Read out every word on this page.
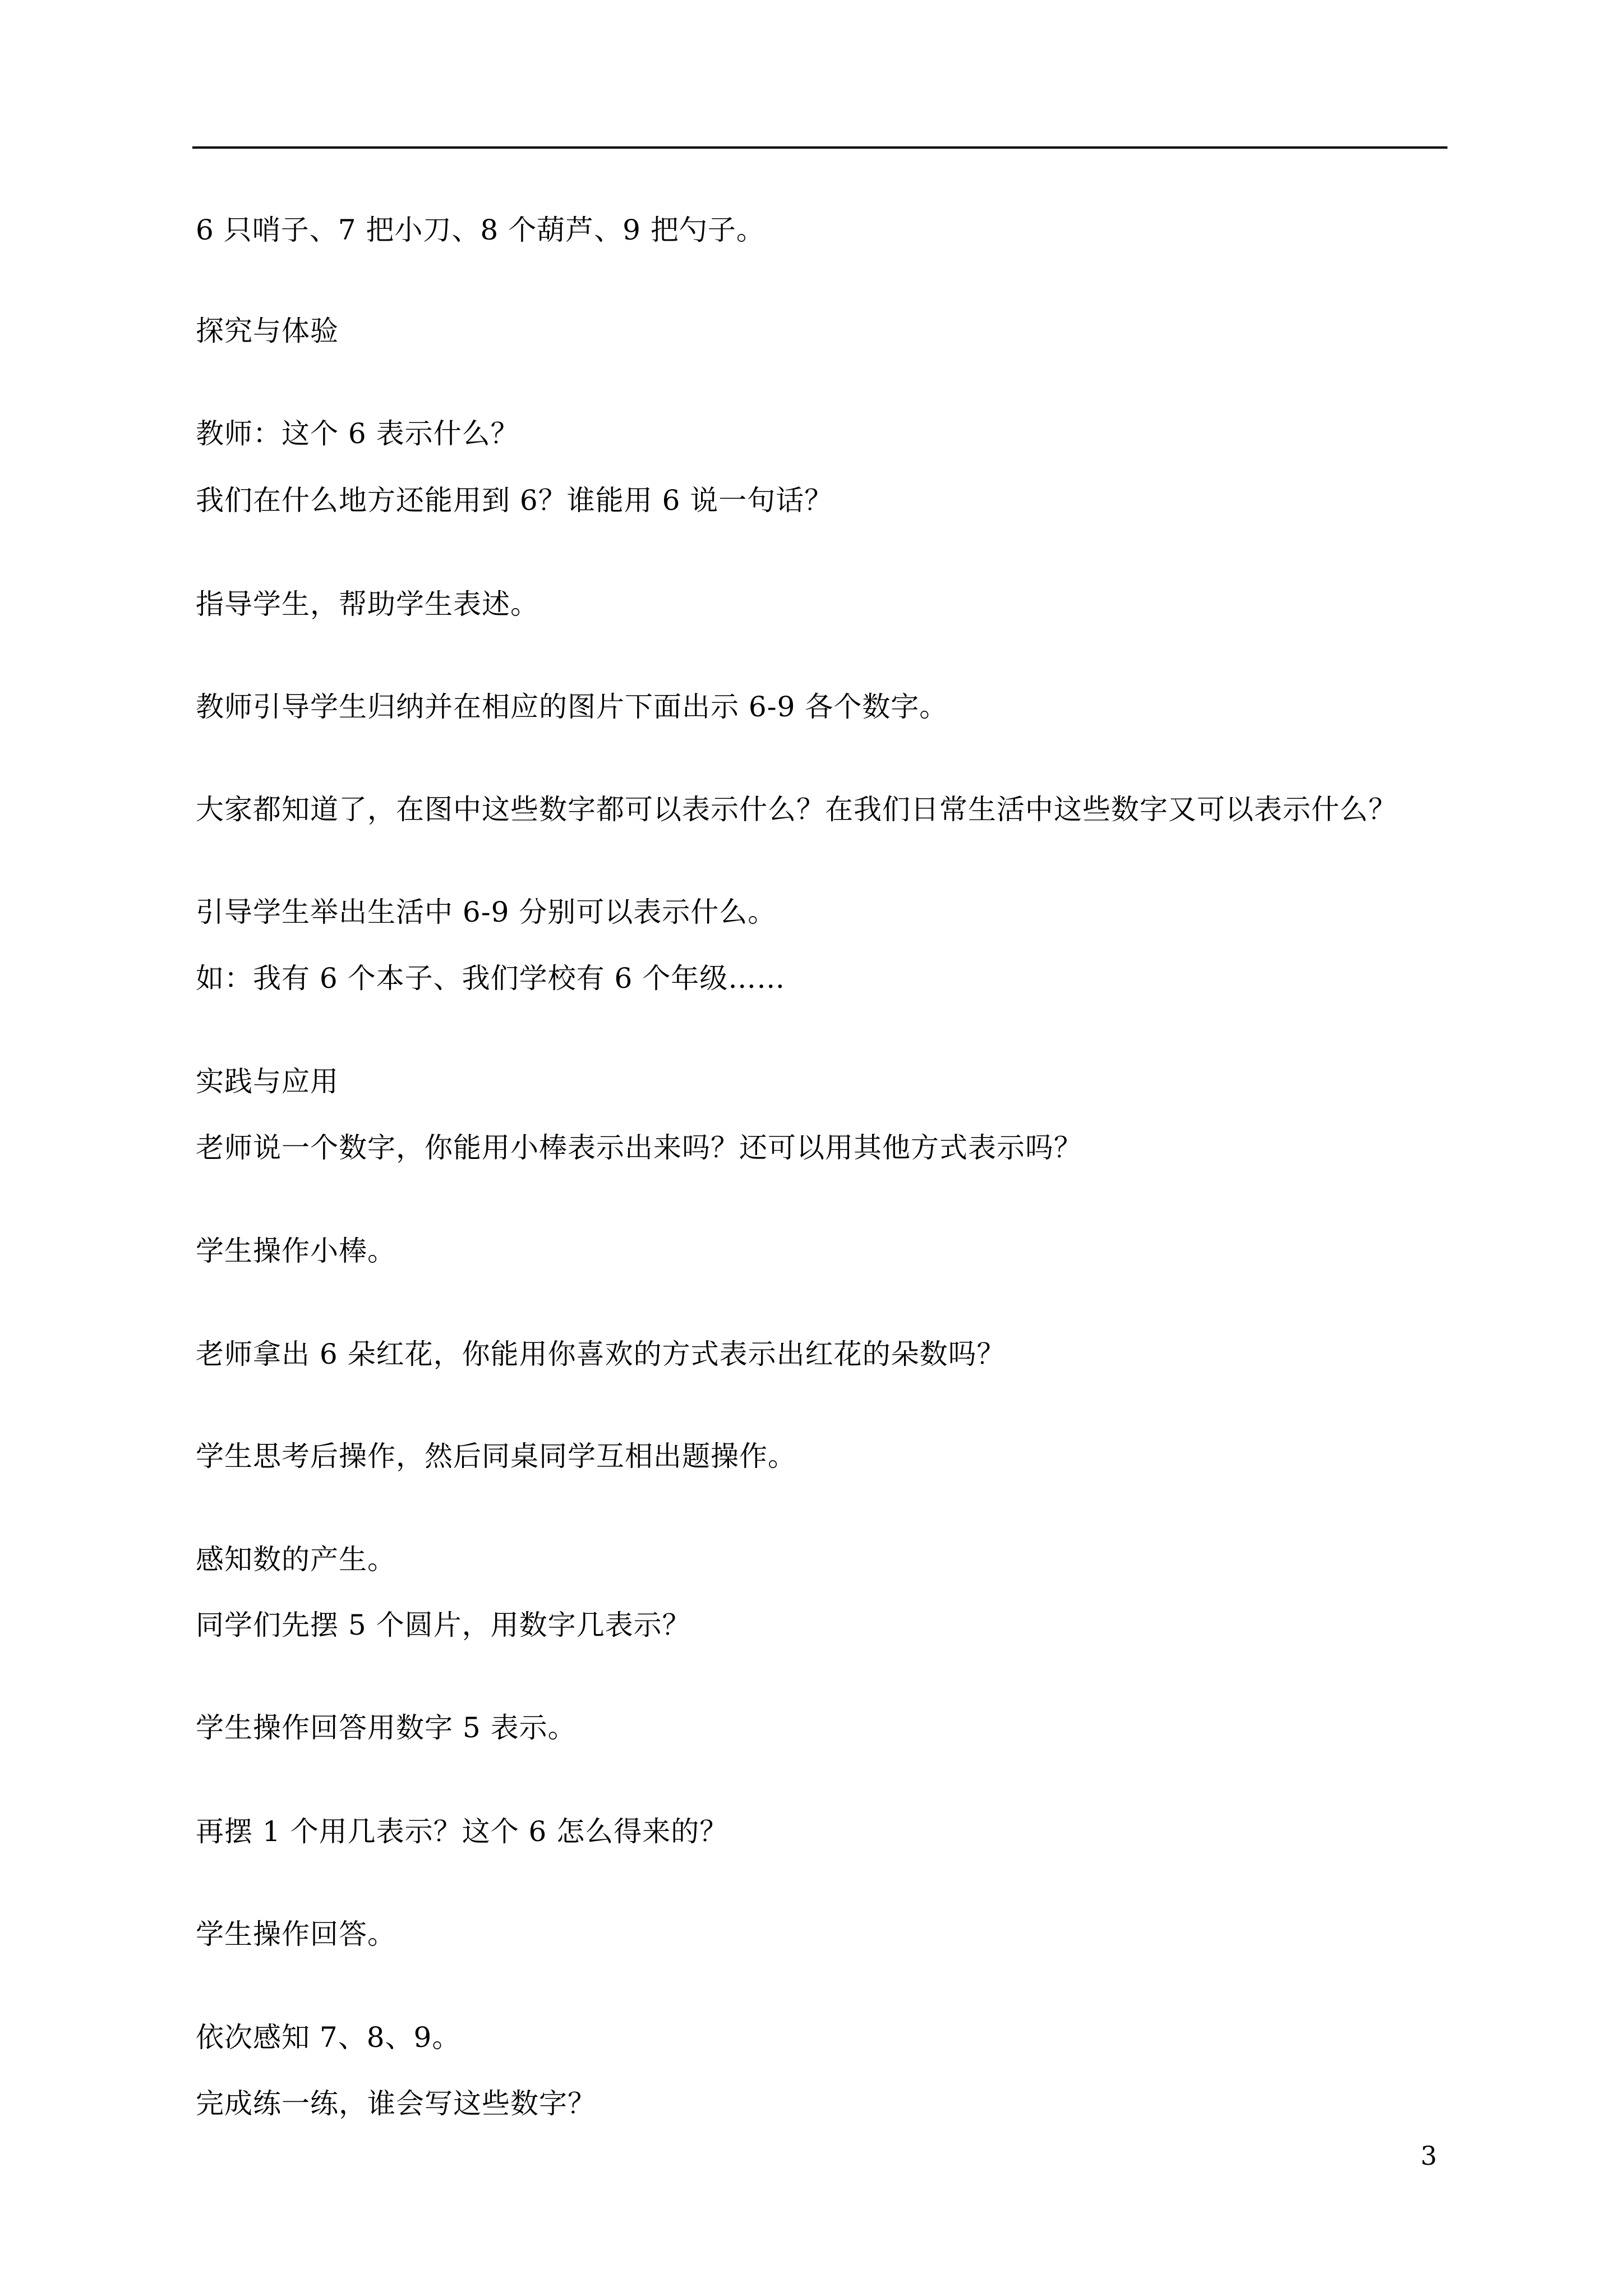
6 只哨子、7 把小刀、8 个葫芦、9 把勺子。
探究与体验
教师：这个 6 表示什么？
我们在什么地方还能用到 6？谁能用 6 说一句话？
指导学生，帮助学生表述。
教师引导学生归纳并在相应的图片下面出示 6-9 各个数字。
大家都知道了，在图中这些数字都可以表示什么？在我们日常生活中这些数字又可以表示什么？
引导学生举出生活中 6-9 分别可以表示什么。
如：我有 6 个本子、我们学校有 6 个年级……
实践与应用
老师说一个数字，你能用小棒表示出来吗？还可以用其他方式表示吗？
学生操作小棒。
老师拿出 6 朵红花，你能用你喜欢的方式表示出红花的朵数吗？
学生思考后操作，然后同桌同学互相出题操作。
感知数的产生。
同学们先摆 5 个圆片，用数字几表示？
学生操作回答用数字 5 表示。
再摆 1 个用几表示？这个 6 怎么得来的？
学生操作回答。
依次感知 7、8、9。
完成练一练，谁会写这些数字？
3
